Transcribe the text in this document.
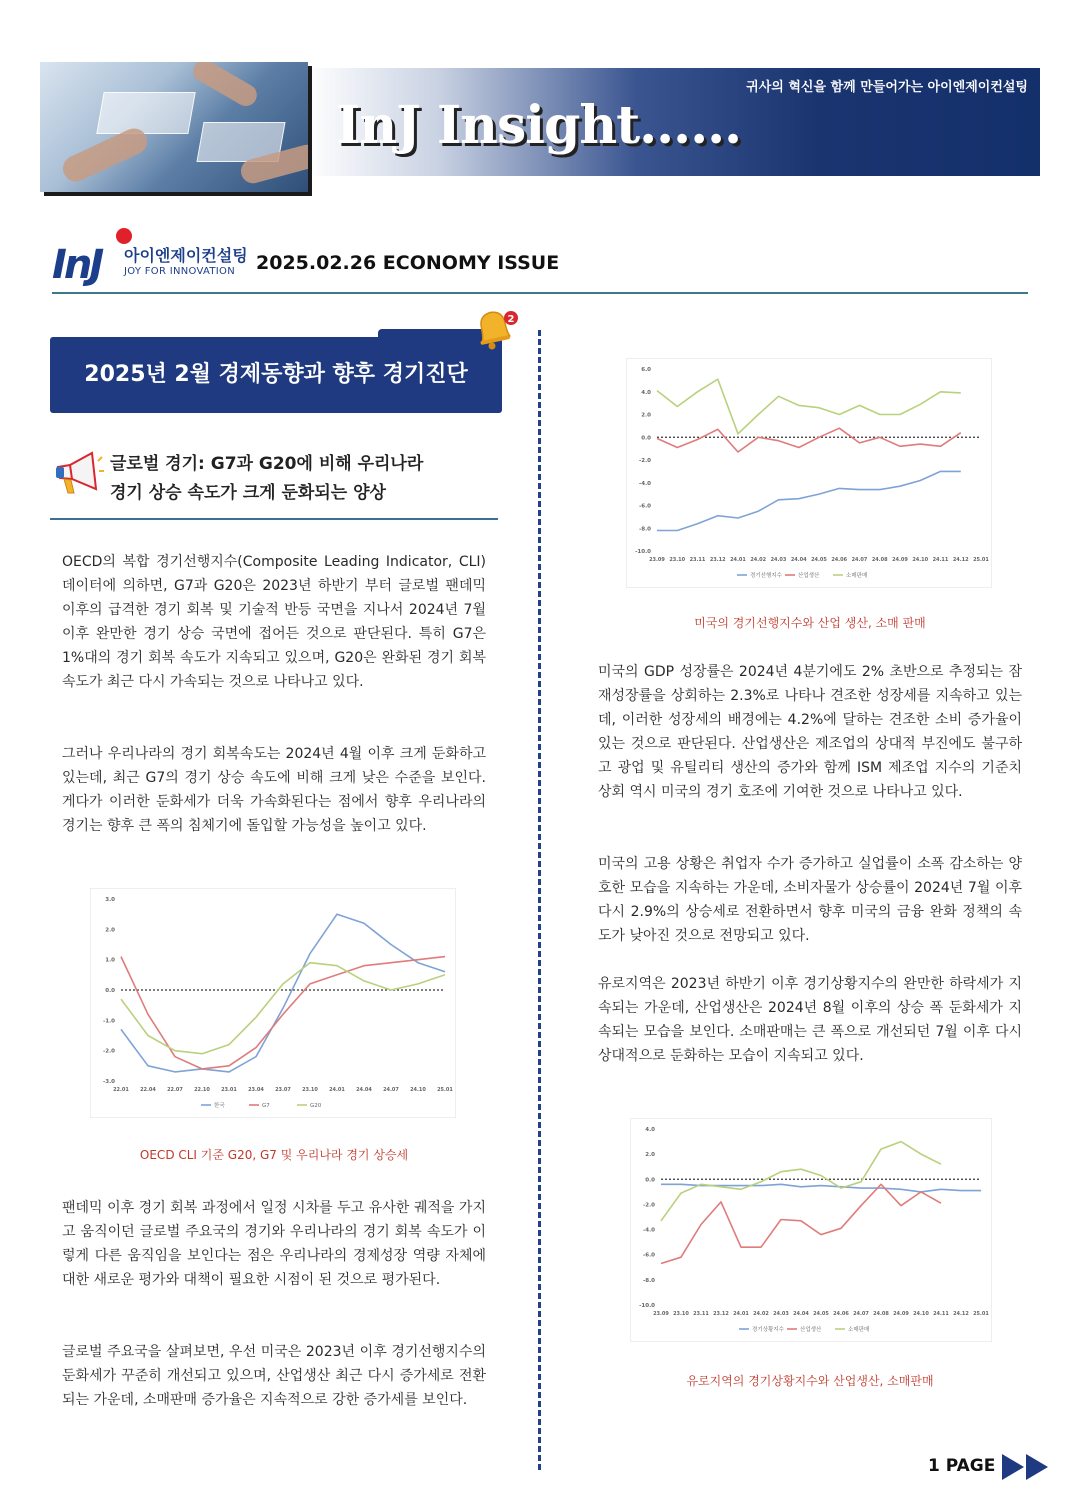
귀사의 혁신을 함께 만들어가는 아이엔제이컨설팅
InJ Insight……
InJ 아이엔제이컨설팅
JOY FOR INNOVATION 2025.02.26 ECONOMY ISSUE
2025년 2월 경제동향과 향후 경기진단
2
글로벌 경기: G7과 G20에 비해 우리나라
경기 상승 속도가 크게 둔화되는 양상
OECD의 복합 경기선행지수(Composite Leading Indicator, CLI) 데이터에 의하면, G7과 G20은 2023년 하반기 부터 글로벌 팬데믹 이후의 급격한 경기 회복 및 기술적 반등 국면을 지나서 2024년 7월 이후 완만한 경기 상승 국면에 접어든 것으로 판단된다. 특히 G7은 1%대의 경기 회복 속도가 지속되고 있으며, G20은 완화된 경기 회복 속도가 최근 다시 가속되는 것으로 나타나고 있다.
그러나 우리나라의 경기 회복속도는 2024년 4월 이후 크게 둔화하고 있는데, 최근 G7의 경기 상승 속도에 비해 크게 낮은 수준을 보인다. 게다가 이러한 둔화세가 더욱 가속화된다는 점에서 향후 우리나라의 경기는 향후 큰 폭의 침체기에 돌입할 가능성을 높이고 있다.
3.0
2.0
1.0
0.0
-1.0
-2.0
-3.0
22.01 22.04 22.07 22.10 23.01 23.04 23.07 23.10 24.01 24.04 24.07 24.10 25.01
한국	G7	G20
OECD CLI 기준 G20, G7 및 우리나라 경기 상승세
팬데믹 이후 경기 회복 과정에서 일정 시차를 두고 유사한 궤적을 가지고 움직이던 글로벌 주요국의 경기와 우리나라의 경기 회복 속도가 이렇게 다른 움직임을 보인다는 점은 우리나라의 경제성장 역량 자체에 대한 새로운 평가와 대책이 필요한 시점이 된 것으로 평가된다.
글로벌 주요국을 살펴보면, 우선 미국은 2023년 이후 경기선행지수의 둔화세가 꾸준히 개선되고 있으며, 산업생산 최근 다시 증가세로 전환되는 가운데, 소매판매 증가율은 지속적으로 강한 증가세를 보인다.
6.0
4.0
2.0
0.0
-2.0
-4.0
-6.0
-8.0
-10.0
23.09 23.10 23.11 23.12 24.01 24.02 24.03 24.04 24.05 24.06 24.07 24.08 24.09 24.10 24.11 24.12 25.01
경기선행지수	산업생산	소매판매
미국의 경기선행지수와 산업 생산, 소매 판매
미국의 GDP 성장률은 2024년 4분기에도 2% 초반으로 추정되는 잠재성장률을 상회하는 2.3%로 나타나 견조한 성장세를 지속하고 있는데, 이러한 성장세의 배경에는 4.2%에 달하는 견조한 소비 증가율이 있는 것으로 판단된다. 산업생산은 제조업의 상대적 부진에도 불구하고 광업 및 유틸리티 생산의 증가와 함께 ISM 제조업 지수의 기준치 상회 역시 미국의 경기 호조에 기여한 것으로 나타나고 있다.
미국의 고용 상황은 취업자 수가 증가하고 실업률이 소폭 감소하는 양호한 모습을 지속하는 가운데, 소비자물가 상승률이 2024년 7월 이후 다시 2.9%의 상승세로 전환하면서 향후 미국의 금융 완화 정책의 속도가 낮아진 것으로 전망되고 있다.
유로지역은 2023년 하반기 이후 경기상황지수의 완만한 하락세가 지속되는 가운데, 산업생산은 2024년 8월 이후의 상승 폭 둔화세가 지속되는 모습을 보인다. 소매판매는 큰 폭으로 개선되던 7월 이후 다시 상대적으로 둔화하는 모습이 지속되고 있다.
4.0
2.0
0.0
-2.0
-4.0
-6.0
-8.0
-10.0
23.09 23.10 23.11 23.12 24.01 24.02 24.03 24.04 24.05 24.06 24.07 24.08 24.09 24.10 24.11 24.12 25.01
경기상황지수	산업생산	소매판매
유로지역의 경기상황지수와 산업생산, 소매판매
1 PAGE
